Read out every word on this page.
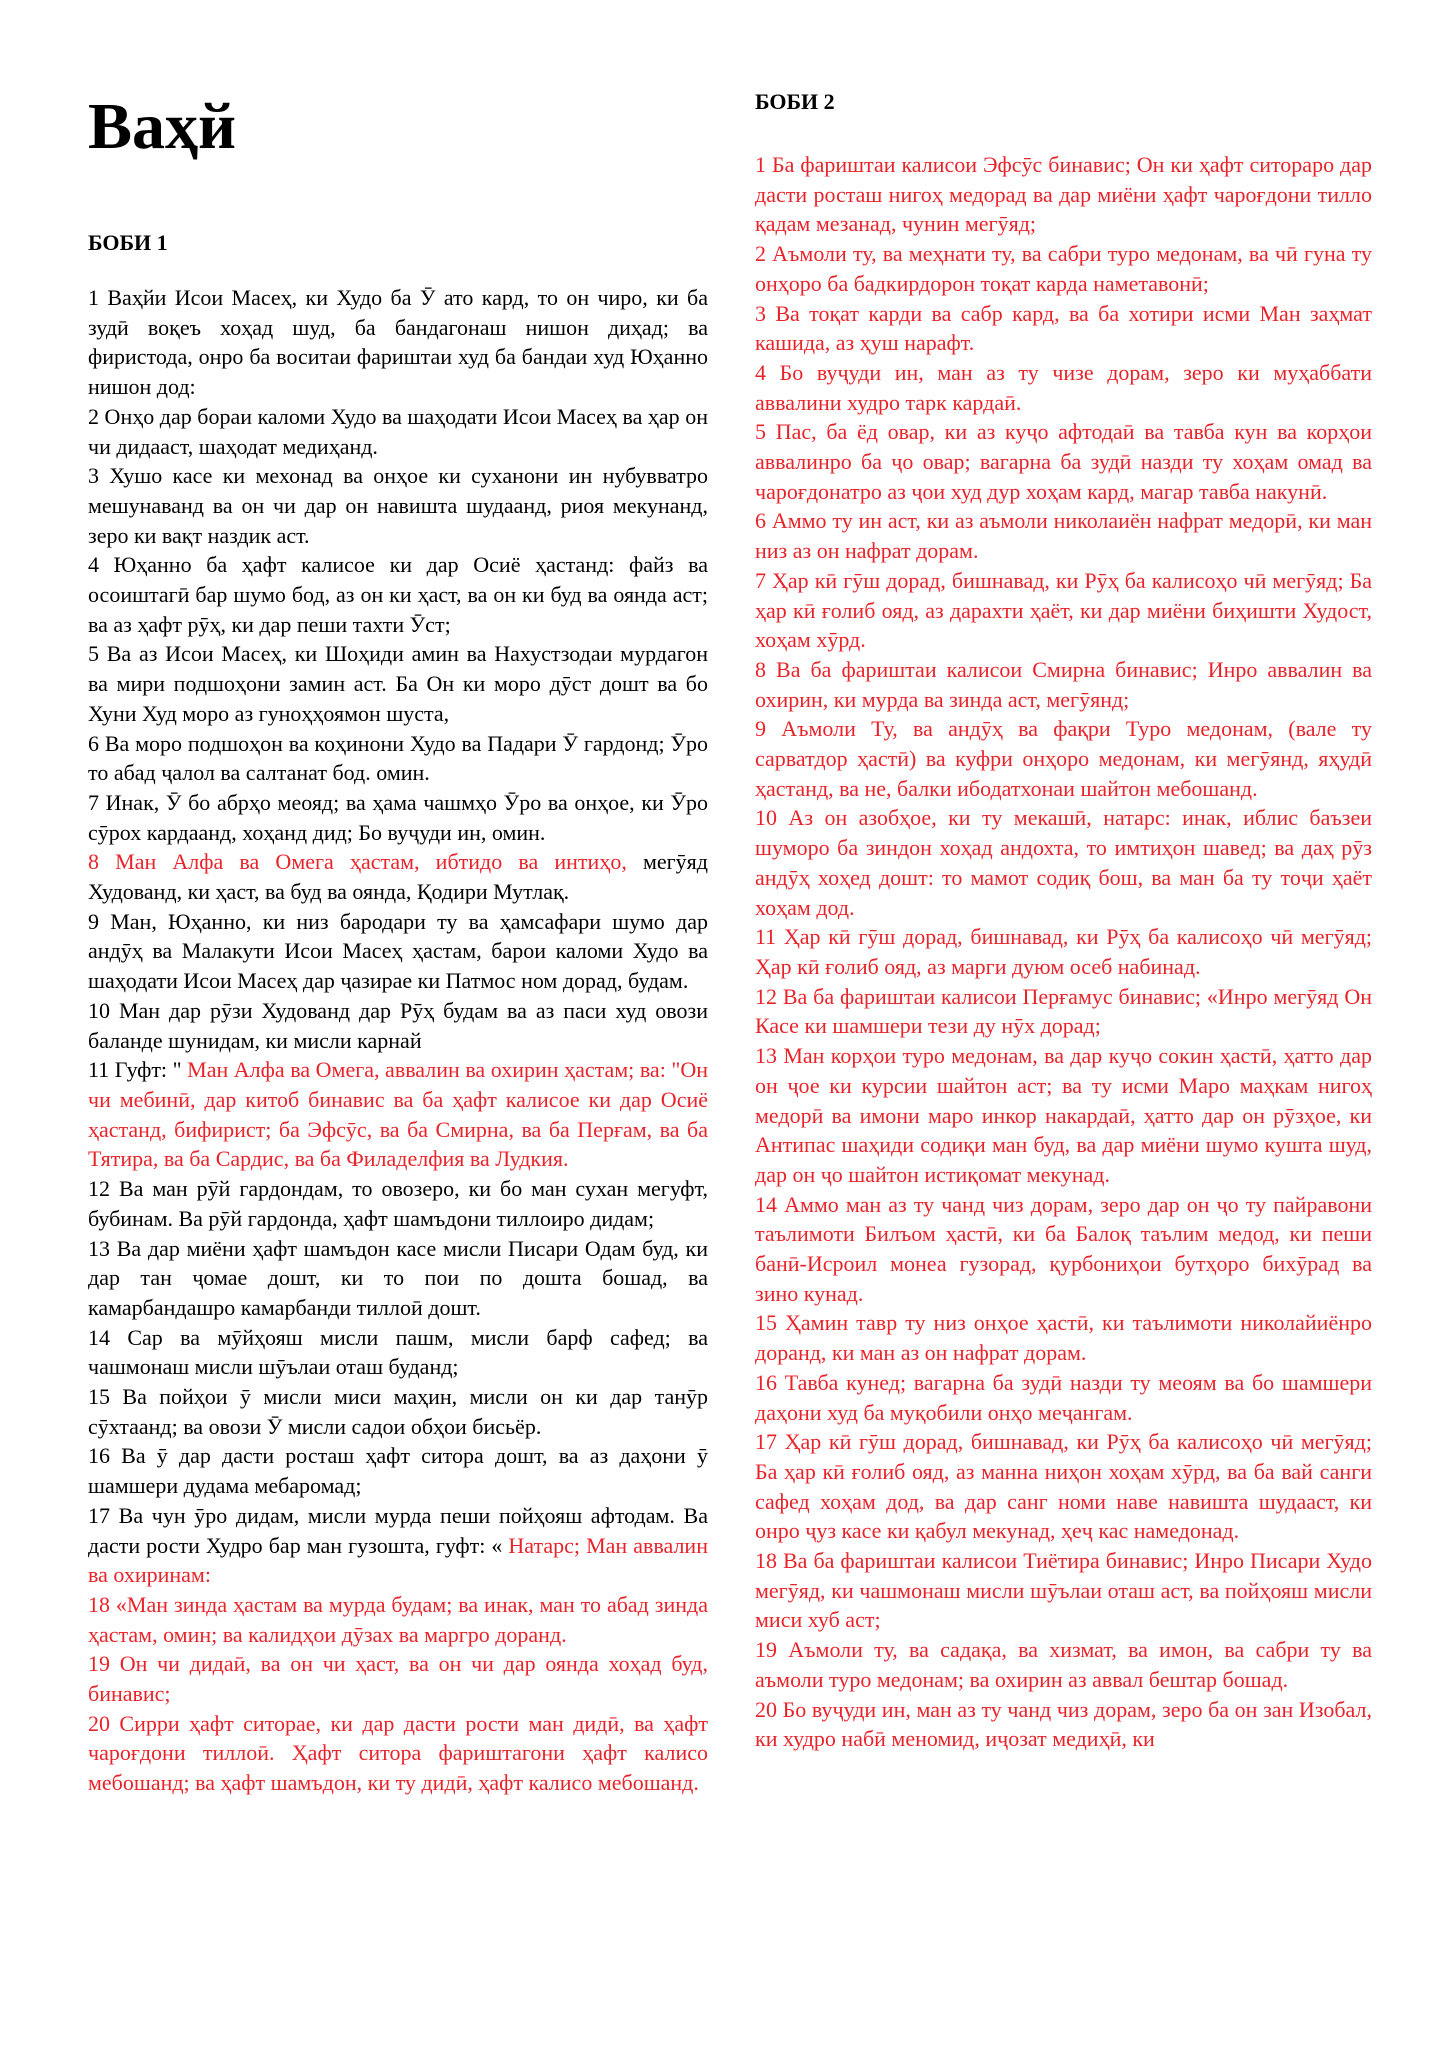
Ваҳй
БОБИ 1
БОБИ 2

1 Ваҳйи Исои Масеҳ, ки Худо ба Ӯ ато кард, то он чиро, ки ба зудӣ воқеъ хоҳад шуд, ба бандагонаш нишон диҳад; ва фиристода, онро ба воситаи фариштаи худ ба бандаи худ Юҳанно нишон дод:

2 Онҳо дар бораи каломи Худо ва шаҳодати Исои Масеҳ ва ҳар он чи дидааст, шаҳодат медиҳанд.

3 Хушо касе ки мехонад ва онҳое ки суханони ин нубувватро мешунаванд ва он чи дар он навишта шудаанд, риоя мекунанд, зеро ки вақт наздик аст.

4 Юҳанно ба ҳафт калисое ки дар Осиё ҳастанд: файз ва осоиштагӣ бар шумо бод, аз он ки ҳаст, ва он ки буд ва оянда аст; ва аз ҳафт рӯҳ, ки дар пеши тахти Ӯст;

5 Ва аз Исои Масеҳ, ки Шоҳиди амин ва Нахустзодаи мурдагон ва мири подшоҳони замин аст. Ба Он ки моро дӯст дошт ва бо Хуни Худ моро аз гуноҳҳоямон шуста,

6 Ва моро подшоҳон ва коҳинони Худо ва Падари Ӯ гардонд; Ӯро то абад ҷалол ва салтанат бод. омин.

7 Инак, Ӯ бо абрҳо меояд; ва ҳама чашмҳо Ӯро ва онҳое, ки Ӯро сӯрох кардаанд, хоҳанд дид; Бо вуҷуди ин, омин.

8 Ман Алфа ва Омега ҳастам, ибтидо ва интиҳо, мегӯяд Худованд, ки ҳаст, ва буд ва оянда, Қодири Мутлақ.

9 Ман, Юҳанно, ки низ бародари ту ва ҳамсафари шумо дар андӯҳ ва Малакути Исои Масеҳ ҳастам, барои каломи Худо ва шаҳодати Исои Масеҳ дар ҷазирае ки Патмос ном дорад, будам.

10 Ман дар рӯзи Худованд дар Рӯҳ будам ва аз паси худ овози баланде шунидам, ки мисли карнай

11 Гуфт: " Ман Алфа ва Омега, аввалин ва охирин ҳастам; ва: "Он чи мебинӣ, дар китоб бинавис ва ба ҳафт калисое ки дар Осиё ҳастанд, бифирист; ба Эфсӯс, ва ба Смирна, ва ба Перғам, ва ба Тятира, ва ба Сардис, ва ба Филаделфия ва Лудкия.

12 Ва ман рӯй гардондам, то овозеро, ки бо ман сухан мегуфт, бубинам. Ва рӯй гардонда, ҳафт шамъдони тиллоиро дидам;

13 Ва дар миёни ҳафт шамъдон касе мисли Писари Одам буд, ки дар тан ҷомае дошт, ки то пои по дошта бошад, ва камарбандашро камарбанди тиллоӣ дошт.

14 Сар ва мӯйҳояш мисли пашм, мисли барф сафед; ва чашмонаш мисли шӯълаи оташ буданд;

15 Ва пойҳои ӯ мисли миси маҳин, мисли он ки дар танӯр сӯхтаанд; ва овози Ӯ мисли садои обҳои бисьёр.

16 Ва ӯ дар дасти росташ ҳафт ситора дошт, ва аз даҳони ӯ шамшери дудама мебаромад;

17 Ва чун ӯро дидам, мисли мурда пеши пойҳояш афтодам. Ва дасти рости Худро бар ман гузошта, гуфт: « Натарс; Ман аввалин ва охиринам:

18 «Ман зинда ҳастам ва мурда будам; ва инак, ман то абад зинда ҳастам, омин; ва калидҳои дӯзах ва маргро доранд.

19 Он чи дидаӣ, ва он чи ҳаст, ва он чи дар оянда хоҳад буд, бинавис;

20 Сирри ҳафт ситорае, ки дар дасти рости ман дидӣ, ва ҳафт чароғдони тиллоӣ. Ҳафт ситора фариштагони ҳафт калисо мебошанд; ва ҳафт шамъдон, ки ту дидӣ, ҳафт калисо мебошанд.

1 Ба фариштаи калисои Эфсӯс бинавис; Он ки ҳафт ситораро дар дасти росташ нигоҳ медорад ва дар миёни ҳафт чароғдони тилло қадам мезанад, чунин мегӯяд;

2 Аъмоли ту, ва меҳнати ту, ва сабри туро медонам, ва чӣ гуна ту онҳоро ба бадкирдорон тоқат карда наметавонӣ;

3 Ва тоқат карди ва сабр кард, ва ба хотири исми Ман заҳмат кашида, аз ҳуш нарафт.

4 Бо вуҷуди ин, ман аз ту чизе дорам, зеро ки муҳаббати аввалини худро тарк кардаӣ.

5 Пас, ба ёд овар, ки аз куҷо афтодаӣ ва тавба кун ва корҳои аввалинро ба ҷо овар; вагарна ба зудӣ назди ту хоҳам омад ва чароғдонатро аз ҷои худ дур хоҳам кард, магар тавба накунӣ.

6 Аммо ту ин аст, ки аз аъмоли николаиён нафрат медорӣ, ки ман низ аз он нафрат дорам.

7 Ҳар кӣ гӯш дорад, бишнавад, ки Рӯҳ ба калисоҳо чӣ мегӯяд; Ба ҳар кӣ ғолиб ояд, аз дарахти ҳаёт, ки дар миёни биҳишти Худост, хоҳам хӯрд.

8 Ва ба фариштаи калисои Смирна бинавис; Инро аввалин ва охирин, ки мурда ва зинда аст, мегӯянд;

9 Аъмоли Ту, ва андӯҳ ва фақри Туро медонам, (вале ту сарватдор ҳастӣ) ва куфри онҳоро медонам, ки мегӯянд, яҳудӣ ҳастанд, ва не, балки ибодатхонаи шайтон мебошанд.

10 Аз он азобҳое, ки ту мекашӣ, натарс: инак, иблис баъзеи шуморо ба зиндон хоҳад андохта, то имтиҳон шавед; ва даҳ рӯз андӯҳ хоҳед дошт: то мамот содиқ бош, ва ман ба ту тоҷи ҳаёт хоҳам дод.

11 Ҳар кӣ гӯш дорад, бишнавад, ки Рӯҳ ба калисоҳо чӣ мегӯяд; Ҳар кӣ ғолиб ояд, аз марги дуюм осеб набинад.

12 Ва ба фариштаи калисои Перғамус бинавис; «Инро мегӯяд Он Касе ки шамшери тези ду нӯх дорад;

13 Ман корҳои туро медонам, ва дар куҷо сокин ҳастӣ, ҳатто дар он ҷое ки курсии шайтон аст; ва ту исми Маро маҳкам нигоҳ медорӣ ва имони маро инкор накардаӣ, ҳатто дар он рӯзҳое, ки Антипас шаҳиди содиқи ман буд, ва дар миёни шумо кушта шуд, дар он ҷо шайтон истиқомат мекунад.

14 Аммо ман аз ту чанд чиз дорам, зеро дар он ҷо ту пайравони таълимоти Билъом ҳастӣ, ки ба Балоқ таълим медод, ки пеши банӣ-Исроил монеа гузорад, қурбониҳои бутҳоро бихӯрад ва зино кунад.

15 Ҳамин тавр ту низ онҳое ҳастӣ, ки таълимоти николайиёнро доранд, ки ман аз он нафрат дорам.

16 Тавба кунед; вагарна ба зудӣ назди ту меоям ва бо шамшери даҳони худ ба муқобили онҳо меҷангам.

17 Ҳар кӣ гӯш дорад, бишнавад, ки Рӯҳ ба калисоҳо чӣ мегӯяд; Ба ҳар кӣ ғолиб ояд, аз манна ниҳон хоҳам хӯрд, ва ба вай санги сафед хоҳам дод, ва дар санг номи наве навишта шудааст, ки онро ҷуз касе ки қабул мекунад, ҳеҷ кас намедонад.

18 Ва ба фариштаи калисои Тиётира бинавис; Инро Писари Худо мегӯяд, ки чашмонаш мисли шӯълаи оташ аст, ва пойҳояш мисли миси хуб аст;

19 Аъмоли ту, ва садақа, ва хизмат, ва имон, ва сабри ту ва аъмоли туро медонам; ва охирин аз аввал бештар бошад.

20 Бо вуҷуди ин, ман аз ту чанд чиз дорам, зеро ба он зан Изобал, ки худро набӣ меномид, иҷозат медиҳӣ, ки
